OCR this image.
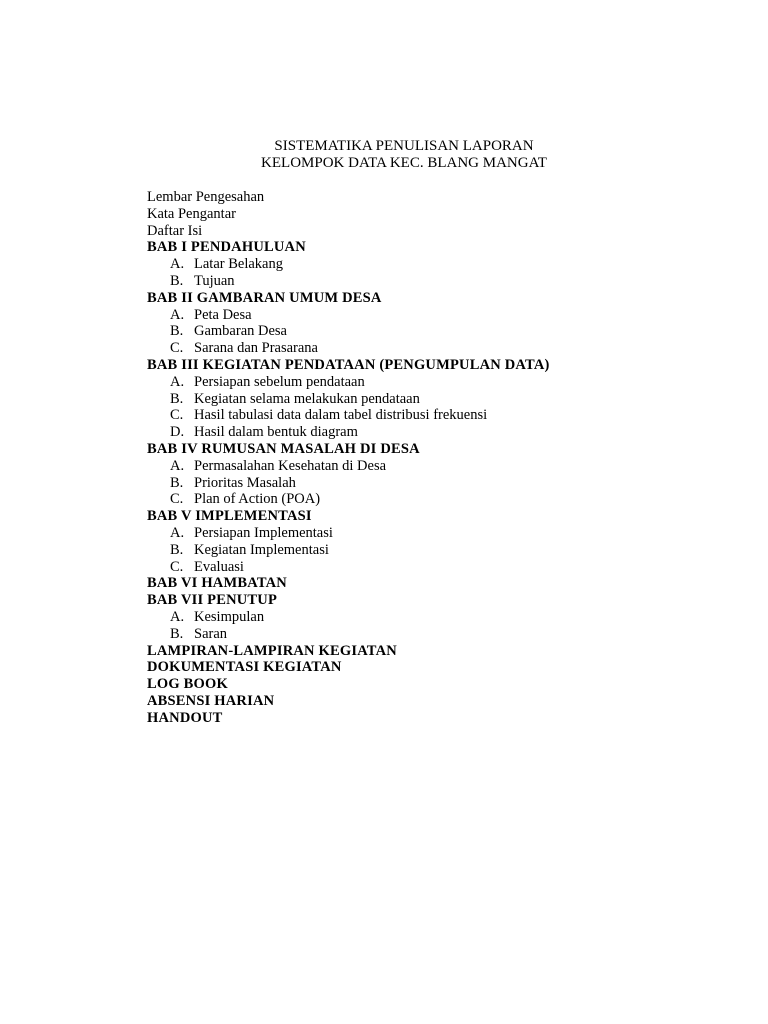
SISTEMATIKA PENULISAN LAPORAN
KELOMPOK DATA KEC. BLANG MANGAT
Lembar Pengesahan
Kata Pengantar
Daftar Isi
BAB I PENDAHULUAN
A. Latar Belakang
B. Tujuan
BAB II GAMBARAN UMUM DESA
A. Peta Desa
B. Gambaran Desa
C. Sarana dan Prasarana
BAB III KEGIATAN PENDATAAN (PENGUMPULAN DATA)
A. Persiapan sebelum pendataan
B. Kegiatan selama melakukan pendataan
C. Hasil tabulasi data dalam tabel distribusi frekuensi
D. Hasil dalam bentuk diagram
BAB IV RUMUSAN MASALAH DI DESA
A. Permasalahan Kesehatan di Desa
B. Prioritas Masalah
C. Plan of Action (POA)
BAB V IMPLEMENTASI
A. Persiapan Implementasi
B. Kegiatan Implementasi
C. Evaluasi
BAB VI HAMBATAN
BAB VII PENUTUP
A. Kesimpulan
B. Saran
LAMPIRAN-LAMPIRAN KEGIATAN
DOKUMENTASI KEGIATAN
LOG BOOK
ABSENSI HARIAN
HANDOUT
